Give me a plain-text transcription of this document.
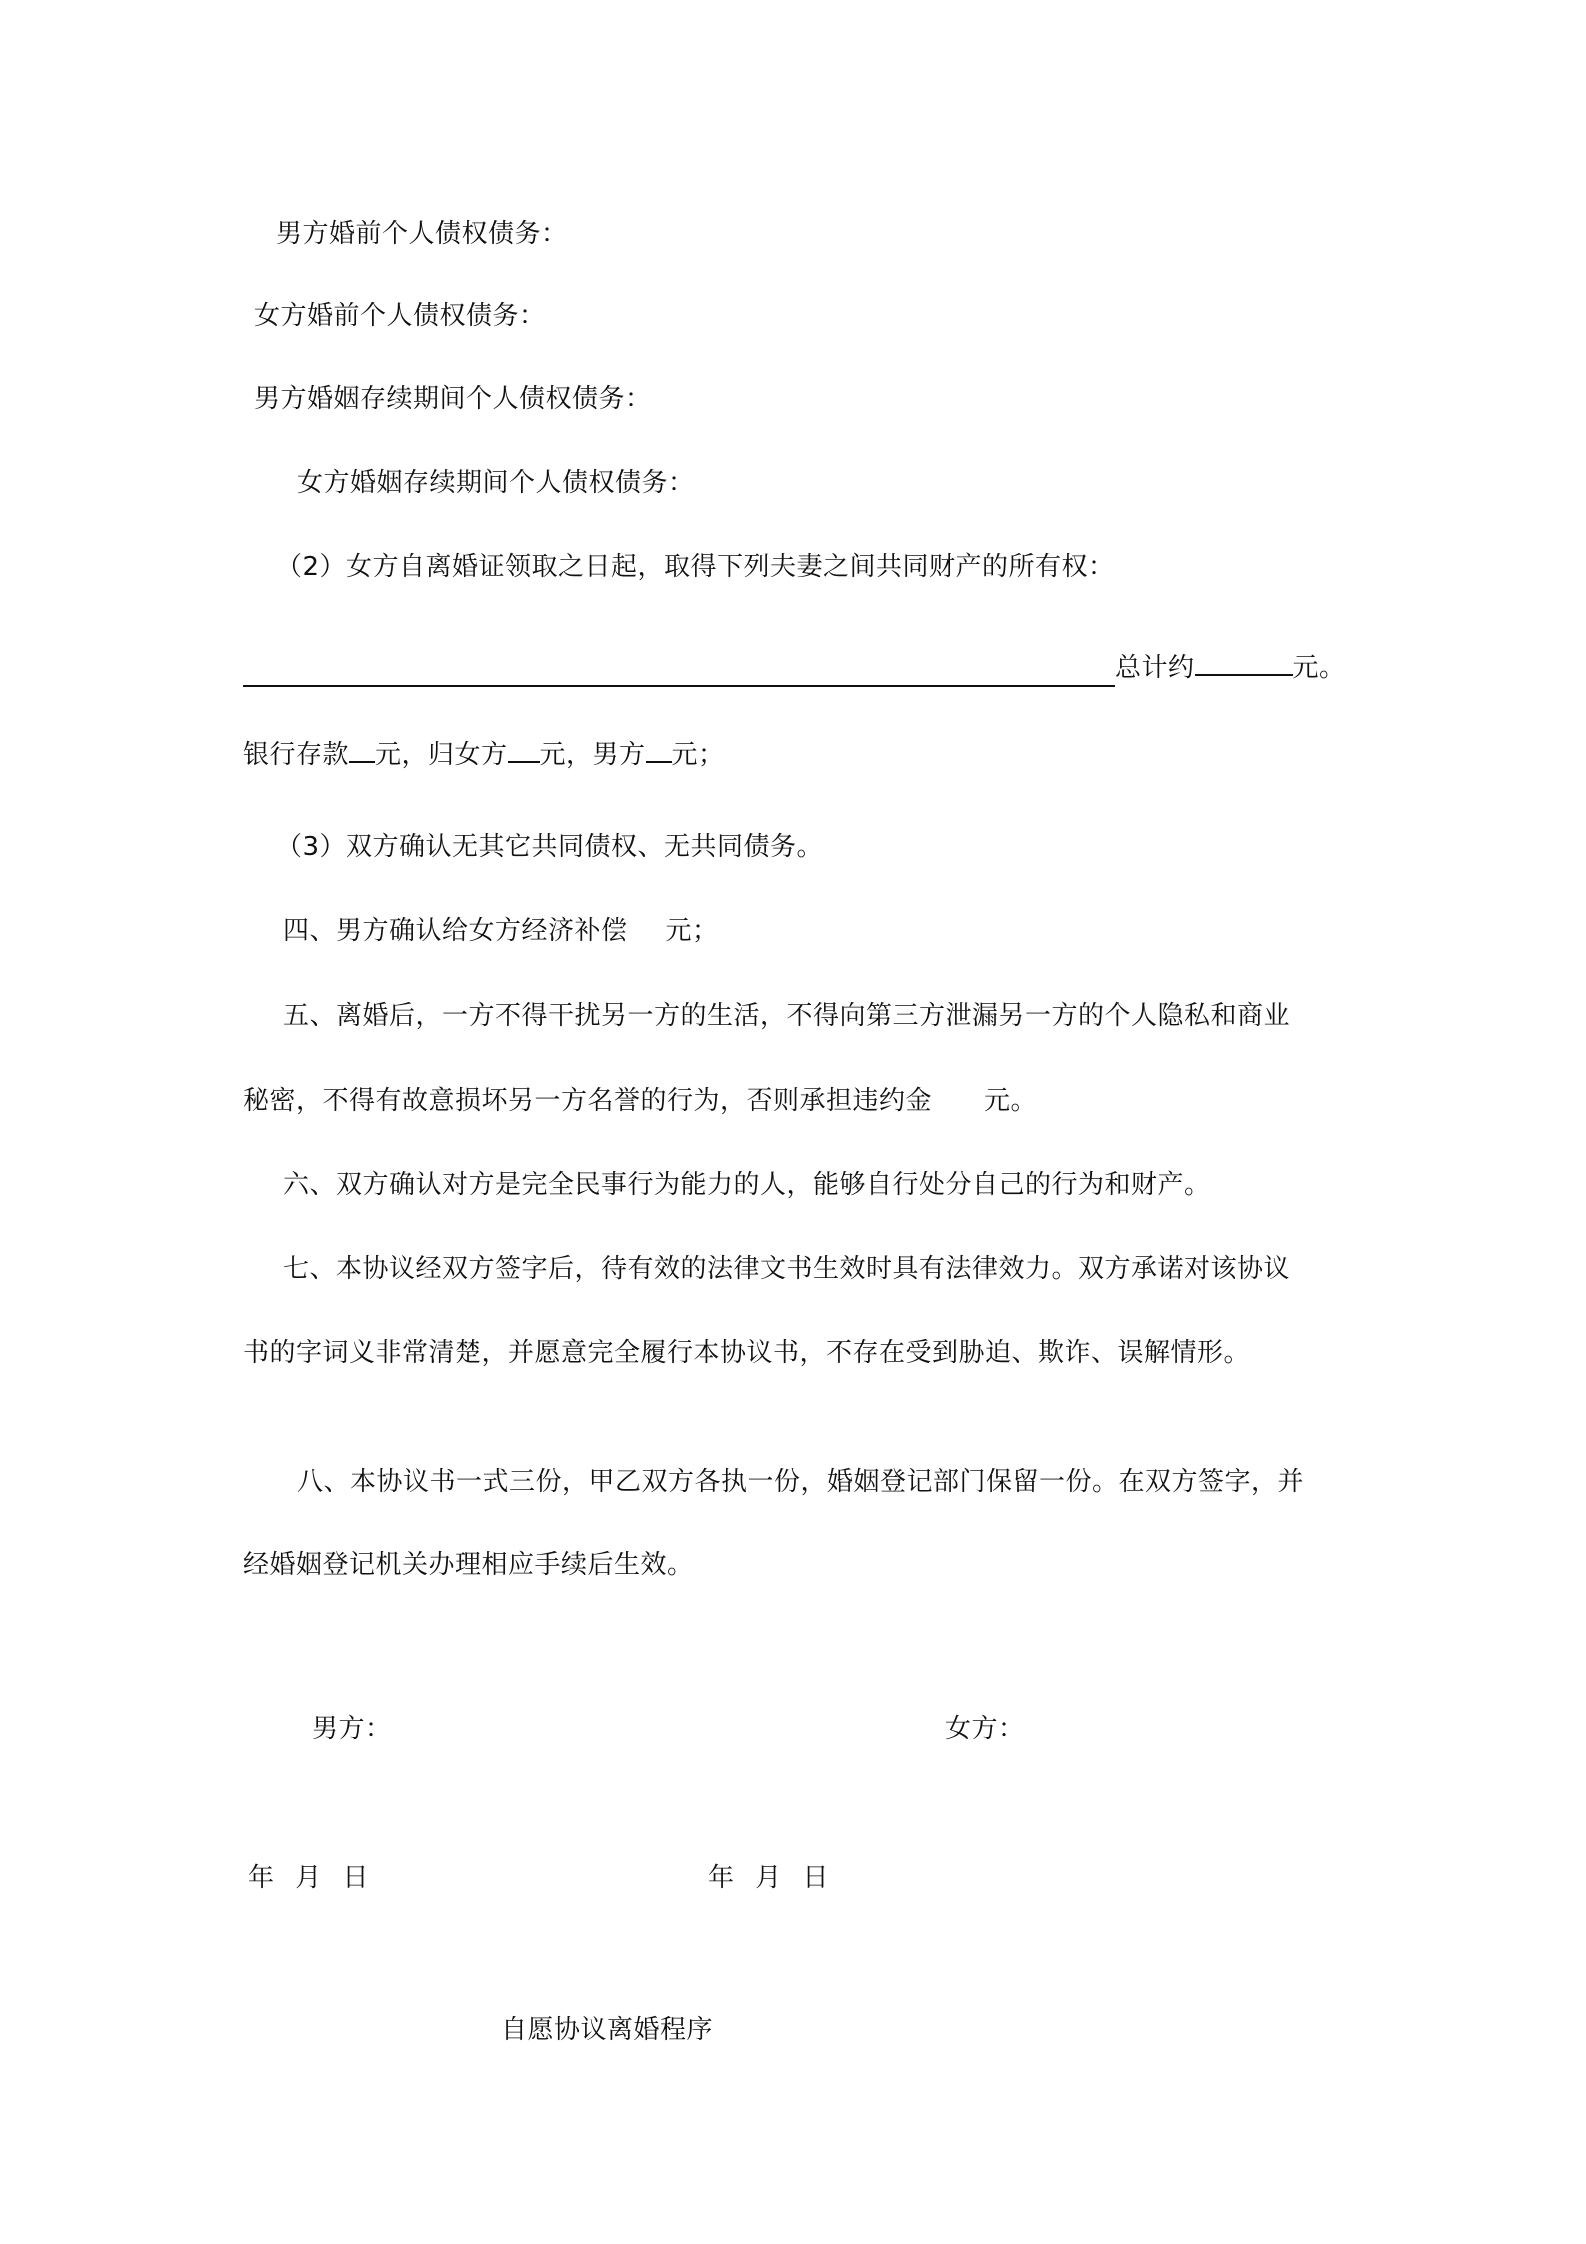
男方婚前个人债权债务：
女方婚前个人债权债务：
男方婚姻存续期间个人债权债务：
女方婚姻存续期间个人债权债务：
（2）女方自离婚证领取之日起，取得下列夫妻之间共同财产的所有权：
总计约	元。
银行存款 元，归女方 元，男方 元；
（3）双方确认无其它共同债权、无共同债务。
四、男方确认给女方经济补偿 元；
五、离婚后，一方不得干扰另一方的生活，不得向第三方泄漏另一方的个人隐私和商业
秘密，不得有故意损坏另一方名誉的行为，否则承担违约金 元。
六、双方确认对方是完全民事行为能力的人，能够自行处分自己的行为和财产。
七、本协议经双方签字后，待有效的法律文书生效时具有法律效力。双方承诺对该协议
书的字词义非常清楚，并愿意完全履行本协议书，不存在受到胁迫、欺诈、误解情形。
八、本协议书一式三份，甲乙双方各执一份，婚姻登记部门保留一份。在双方签字，并
经婚姻登记机关办理相应手续后生效。
男方：	女方：
年 月 日	年 月 日
自愿协议离婚程序
